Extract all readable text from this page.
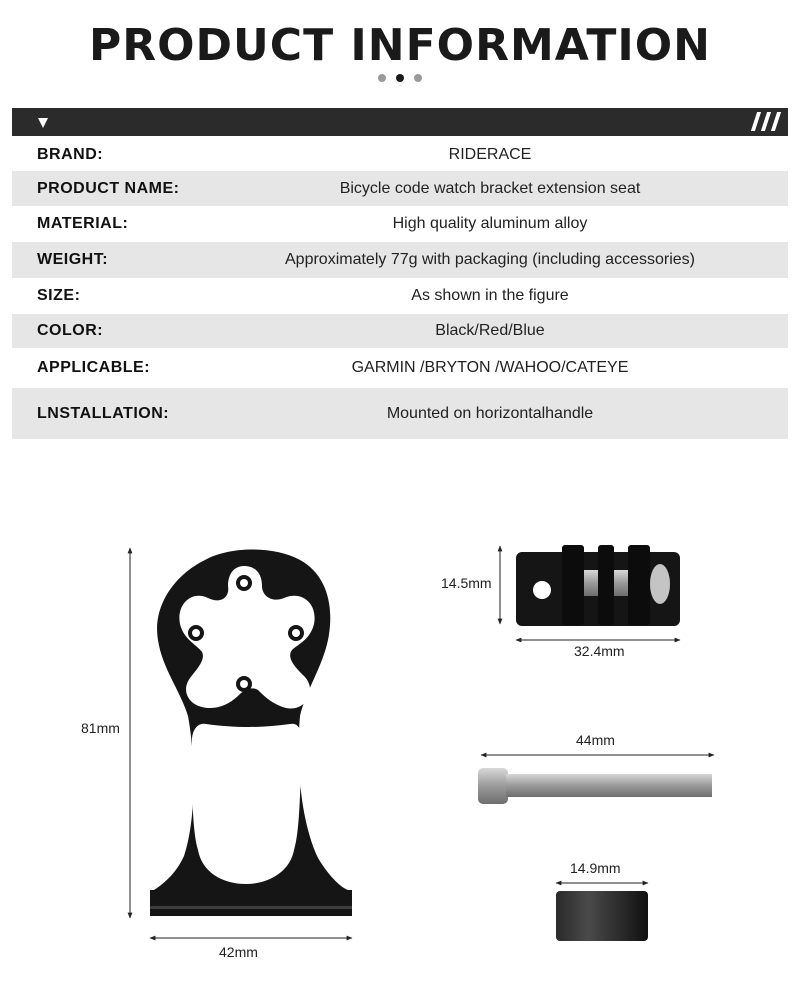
PRODUCT INFORMATION

BRAND:	RIDERACE
PRODUCT NAME:	Bicycle code watch bracket extension seat
MATERIAL:	High quality aluminum alloy
WEIGHT:	Approximately 77g with packaging (including accessories)
SIZE:	As shown in the figure
COLOR:	Black/Red/Blue
APPLICABLE:	GARMIN /BRYTON /WAHOO/CATEYE
LNSTALLATION:	Mounted on horizontalhandle
81mm
42mm
14.5mm
32.4mm
44mm
14.9mm
